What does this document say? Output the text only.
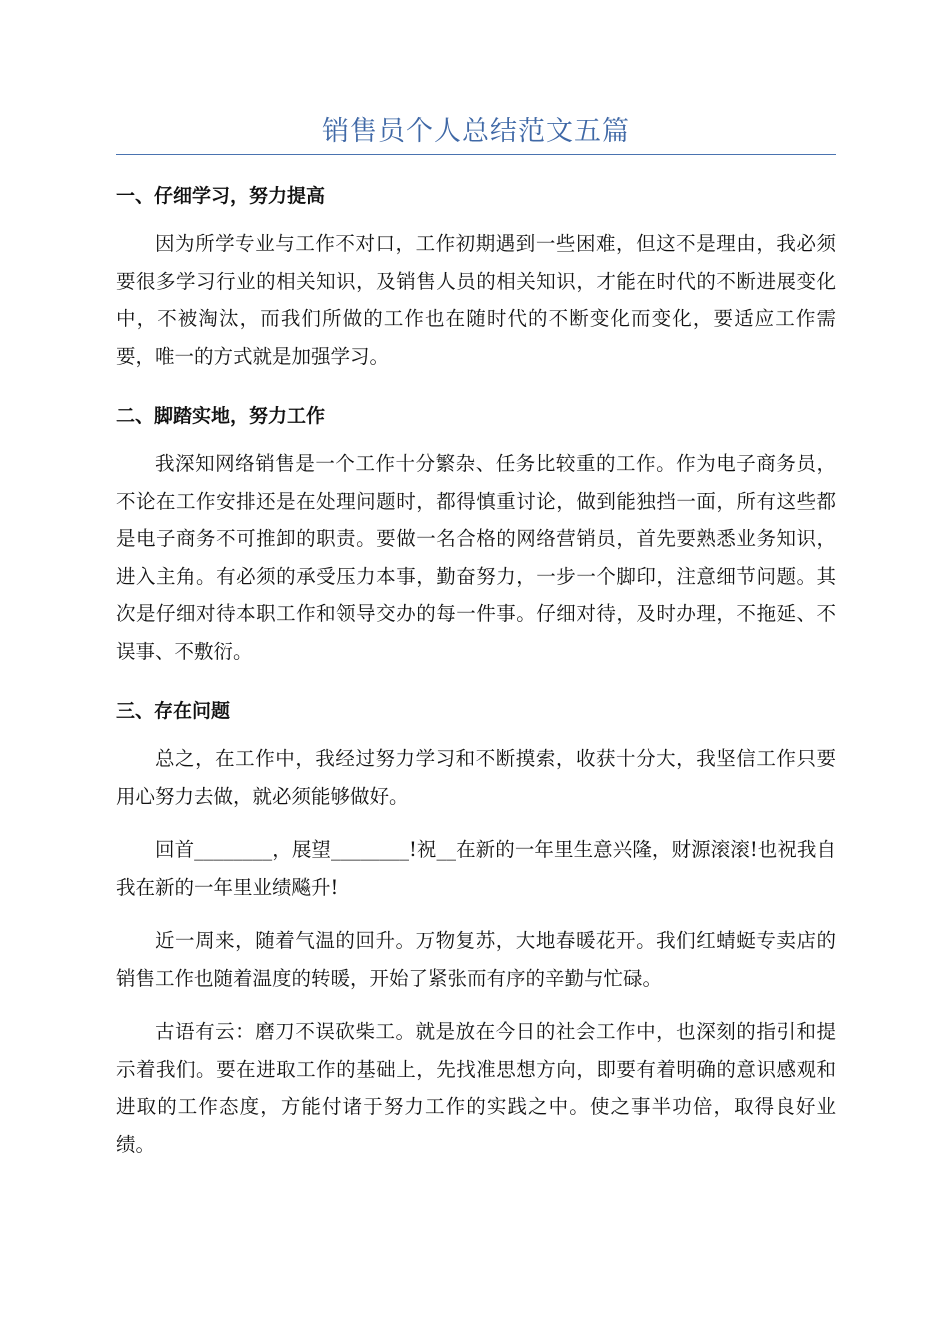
销售员个人总结范文五篇
一、仔细学习，努力提高

因为所学专业与工作不对口，工作初期遇到一些困难，但这不是理由，我必须要很多学习行业的相关知识，及销售人员的相关知识，才能在时代的不断进展变化中，不被淘汰，而我们所做的工作也在随时代的不断变化而变化，要适应工作需要，唯一的方式就是加强学习。

二、脚踏实地，努力工作

我深知网络销售是一个工作十分繁杂、任务比较重的工作。作为电子商务员，不论在工作安排还是在处理问题时，都得慎重讨论，做到能独挡一面，所有这些都是电子商务不可推卸的职责。要做一名合格的网络营销员，首先要熟悉业务知识，进入主角。有必须的承受压力本事，勤奋努力，一步一个脚印，注意细节问题。其次是仔细对待本职工作和领导交办的每一件事。仔细对待，及时办理，不拖延、不误事、不敷衍。

三、存在问题

总之，在工作中，我经过努力学习和不断摸索，收获十分大，我坚信工作只要用心努力去做，就必须能够做好。

回首________，展望________!祝__在新的一年里生意兴隆，财源滚滚!也祝我自我在新的一年里业绩飚升!

近一周来，随着气温的回升。万物复苏，大地春暖花开。我们红蜻蜓专卖店的销售工作也随着温度的转暖，开始了紧张而有序的辛勤与忙碌。

古语有云：磨刀不误砍柴工。就是放在今日的社会工作中，也深刻的指引和提示着我们。要在进取工作的基础上，先找准思想方向，即要有着明确的意识感观和进取的工作态度，方能付诸于努力工作的实践之中。使之事半功倍，取得良好业绩。
